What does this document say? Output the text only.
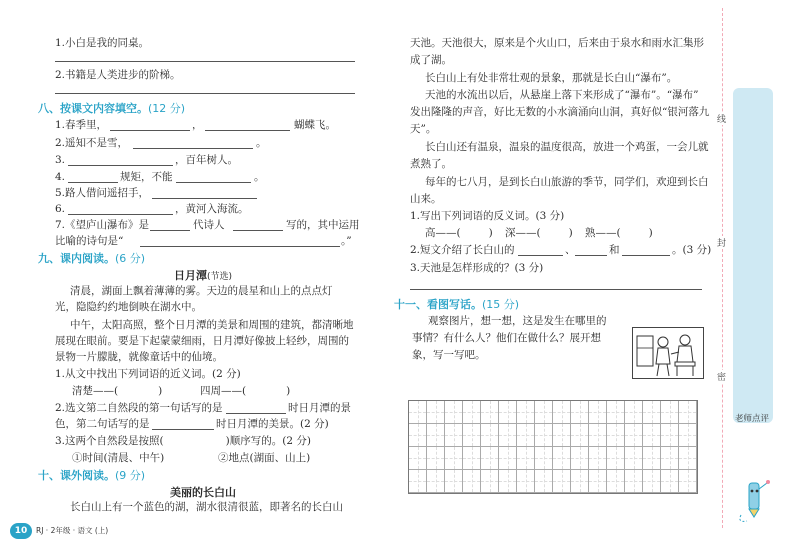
1.小白是我的同桌。
2.书籍是人类进步的阶梯。
八、按课文内容填空。(12 分)
1.春季里，	，	蝴蝶飞。
2.遥知不是雪，	。
3.	，百年树人。
4.	规矩，不能	。
5.路人借问遥招手，
6.	，黄河入海流。
7.《望庐山瀑布》是	代诗人	写的，其中运用
比喻的诗句是“	。”
九、课内阅读。(6 分)
日月潭(节选)
清晨，湖面上飘着薄薄的雾。天边的晨星和山上的点点灯
光，隐隐约约地倒映在湖水中。
中午，太阳高照，整个日月潭的美景和周围的建筑，都清晰地
展现在眼前。要是下起蒙蒙细雨，日月潭好像披上轻纱，周围的
景物一片朦胧，就像童话中的仙境。
1.从文中找出下列词语的近义词。(2 分)
清楚——(	)	四周——(	)
2.选文第二自然段的第一句话写的是	时日月潭的景
色，第二句话写的是	时日月潭的美景。(2 分)
3.这两个自然段是按照(	)顺序写的。(2 分)
①时间(清晨、中午)	②地点(湖面、山上)
十、课外阅读。(9 分)
美丽的长白山
长白山上有一个蓝色的湖，湖水很清很蓝，即著名的长白山
10	RJ · 2年级 · 语文 (上)
天池。天池很大，原来是个火山口，后来由于泉水和雨水汇集形
成了湖。
长白山上有处非常壮观的景象，那就是长白山“瀑布”。
天池的水流出以后，从悬崖上落下来形成了“瀑布”。“瀑布”
发出隆隆的声音，好比无数的小水滴涌向山洞，真好似“银河落九
天”。
长白山还有温泉，温泉的温度很高，放进一个鸡蛋，一会儿就
煮熟了。
每年的七八月，是到长白山旅游的季节，同学们，欢迎到长白
山来。
1.写出下列词语的反义词。(3 分)
高——(	) 深——(	) 熟——(	)
2.短文介绍了长白山的	、	和	。(3 分)
3.天池是怎样形成的？(3 分)
十一、看图写话。(15 分)
观察图片，想一想，这是发生在哪里的
事情？有什么人？他们在做什么？展开想
象，写一写吧。
线
封
密
老师点评
